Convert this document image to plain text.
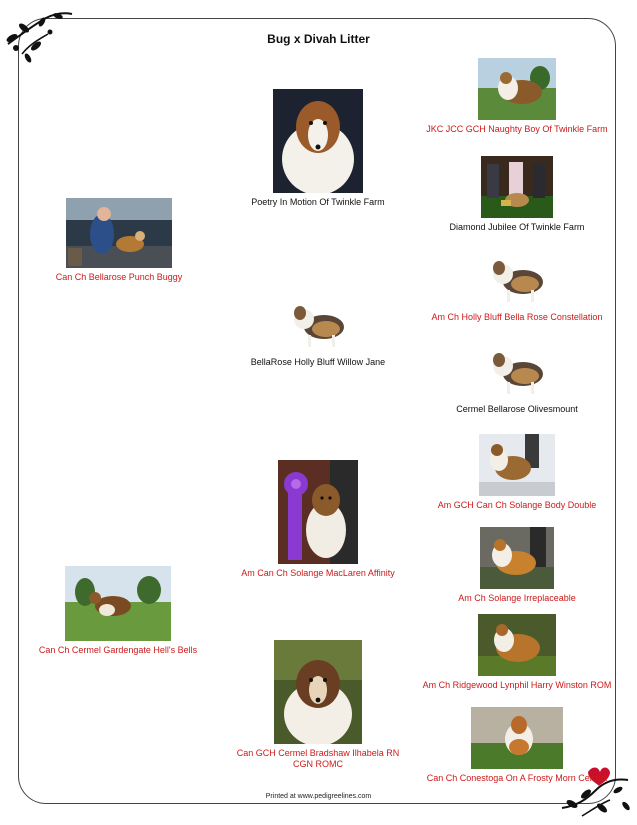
Bug x Divah Litter
Can Ch Bellarose Punch Buggy
Can Ch Cermel Gardengate Hell's Bells
Poetry In Motion Of Twinkle Farm
BellaRose Holly Bluff Willow Jane
Am Can Ch Solange MacLaren Affinity
Can GCH Cermel Bradshaw Ilhabela RN CGN ROMC
JKC JCC GCH Naughty Boy Of Twinkle Farm
Diamond Jubilee Of Twinkle Farm
Am Ch Holly Bluff Bella Rose Constellation
Cermel Bellarose Olivesmount
Am GCH Can Ch Solange Body Double
Am Ch Solange Irreplaceable
Am Ch Ridgewood Lynphil Harry Winston ROM
Can Ch Conestoga On A Frosty Morn Cermel
Printed at www.pedigreelines.com
